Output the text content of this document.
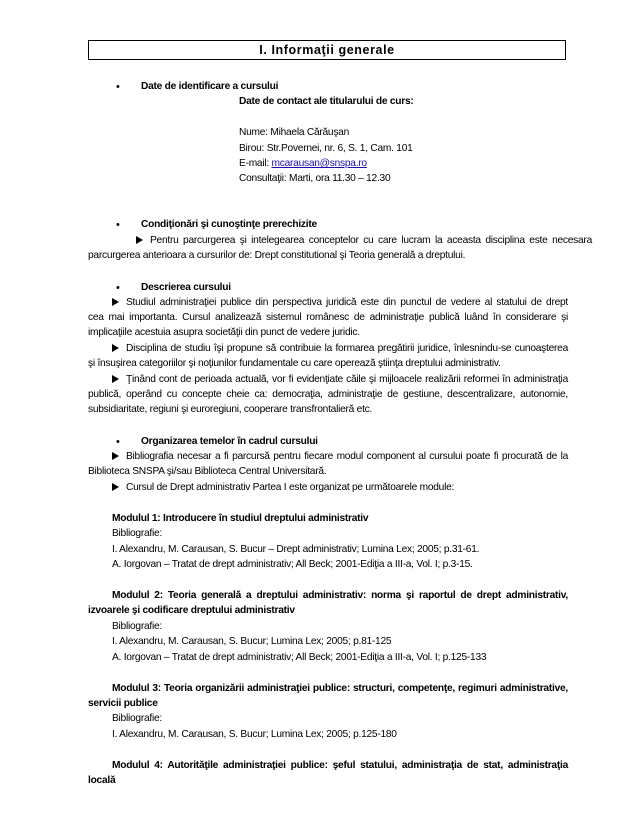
I. Informaţii generale
• Date de identificare a cursului
Date de contact ale titularului de curs:
Nume: Mihaela Cărăuşan
Birou: Str.Povernei, nr. 6, S. 1, Cam. 101
E-mail: mcarausan@snspa.ro
Consultaţii: Marti, ora 11.30 – 12.30
• Condiţionări şi cunoştinţe prerechizite
Pentru parcurgerea şi intelegearea conceptelor cu care lucram la aceasta disciplina este necesara
parcurgerea anterioara a cursurilor de: Drept constitutional şi Teoria generală a dreptului.
• Descrierea cursului
Studiul administraţiei publice din perspectiva juridică este din punctul de vedere al statului de drept
cea mai importanta. Cursul analizează sistemul românesc de administraţie publică luând în considerare şi
implicaţiile acestuia asupra societăţii din punct de vedere juridic.
Disciplina de studiu îşi propune să contribuie la formarea pregătirii juridice, înlesnindu-se cunoaşterea
şi însuşirea categoriilor şi noţiunilor fundamentale cu care operează ştiinţa dreptului administrativ.
Ţinând cont de perioada actuală, vor fi evidenţiate căile şi mijloacele realizării reformei în administraţia
publică, operând cu concepte cheie ca: democraţia, administraţie de gestiune, descentralizare, autonomie,
subsidiaritate, regiuni şi euroregiuni, cooperare transfrontalieră etc.
• Organizarea temelor în cadrul cursului
Bibliografia necesar a fi parcursă pentru fiecare modul component al cursului poate fi procurată de la
Biblioteca SNSPA şi/sau Biblioteca Central Universitară.
Cursul de Drept administrativ Partea I este organizat pe următoarele module:
Modulul 1: Introducere în studiul dreptului administrativ
Bibliografie:
I. Alexandru, M. Carausan, S. Bucur – Drept administrativ; Lumina Lex; 2005; p.31-61.
A. Iorgovan – Tratat de drept administrativ; All Beck; 2001-Ediţia a III-a, Vol. I; p.3-15.
Modulul 2: Teoria generală a dreptului administrativ: norma şi raportul de drept administrativ,
izvoarele şi codificare dreptului administrativ
Bibliografie:
I. Alexandru, M. Carausan, S. Bucur; Lumina Lex; 2005; p.81-125
A. Iorgovan – Tratat de drept administrativ; All Beck; 2001-Ediţia a III-a, Vol. I; p.125-133
Modulul 3: Teoria organizării administraţiei publice: structuri, competenţe, regimuri administrative,
servicii publice
Bibliografie:
I. Alexandru, M. Carausan, S. Bucur; Lumina Lex; 2005; p.125-180
Modulul 4: Autorităţile administraţiei publice: şeful statului, administraţia de stat, administraţia
locală
